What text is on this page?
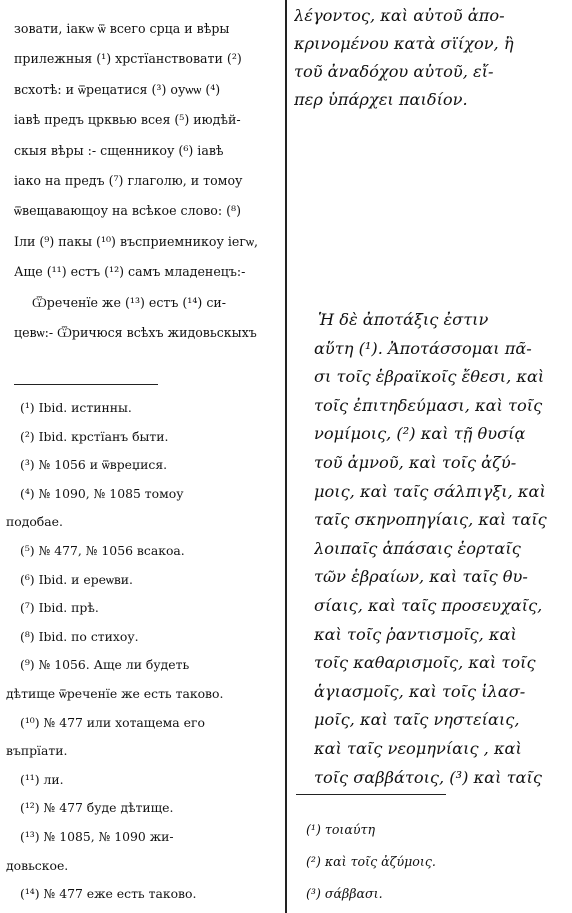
зовати, іакѡ ѿ всего срца и вѣры
прилежныя (¹) хрстїанствовати (²)
всхотѣ: и ѿрецатися (³) оуѡѡ (⁴)
іавѣ предъ црквью всея (⁵) июдѣй-
скыя вѣры :- сщенникоу (⁶) іавѣ
іако на предъ (⁷) глаголю, и томоу
ѿвещавающоу на всѣкое слово: (⁸)
Іли (⁹) пакы (¹⁰) въсприемникоу іегѡ,
Аще (¹¹) естъ (¹²) самъ младенецъ:-
Ѿреченїе же (¹³) естъ (¹⁴) си-
цевѡ:- Ѿричюся всѣхъ жидовьскыхъ
(¹) Ibid. истинны.
(²) Ibid. крстїанъ быти.
(³) № 1056 и ѿвреџися.
(⁴) № 1090, № 1085 томоу
подобае.
(⁵) № 477, № 1056 всакоа.
(⁶) Ibid. и ереѡви.
(⁷) Ibid. прѣ.
(⁸) Ibid. по стихоу.
(⁹) № 1056. Аще ли будеть
дѣтище ѿреченїе же есть таково.
(¹⁰) № 477 или хотащема его
въпрїати.
(¹¹) ли.
(¹²) № 477 буде дѣтище.
(¹³) № 1085, № 1090 жи-
довьское.
(¹⁴) № 477 еже есть таково.
λέγοντος, καὶ αὐτοῦ ἀπο-
κρινομένου κατὰ σϊίχον, ἢ
τοῦ ἀναδόχου αὐτοῦ, εἴ-
περ ὑπάρχει παιδίον.
Ἡ δὲ ἀποτάξις ἐστιν
αὕτη (¹). Ἀποτάσσομαι πᾶ-
σι τοῖς ἑβραϊκοῖς ἔθεσι, καὶ
τοῖς ἐπιτηδεύμασι, καὶ τοῖς
νομίμοις, (²) καὶ τῇ θυσίᾳ
τοῦ ἀμνοῦ, καὶ τοῖς ἀζύ-
μοις, καὶ ταῖς σάλπιγξι, καὶ
ταῖς σκηνοπηγίαις, καὶ ταῖς
λοιπαῖς ἁπάσαις ἑορταῖς
τῶν ἑβραίων, καὶ ταῖς θυ-
σίαις, καὶ ταῖς προσευχαῖς,
καὶ τοῖς ῥαντισμοῖς, καὶ
τοῖς καθαρισμοῖς, καὶ τοῖς
ἁγιασμοῖς, καὶ τοῖς ἱλασ-
μοῖς, καὶ ταῖς νηστείαις,
καὶ ταῖς νεομηνίαις , καὶ
τοῖς σαββάτοις, (³) καὶ ταῖς
(¹) τοιαύτη
(²) καὶ τοῖς ἀζύμοις.
(³) σάββασι.
